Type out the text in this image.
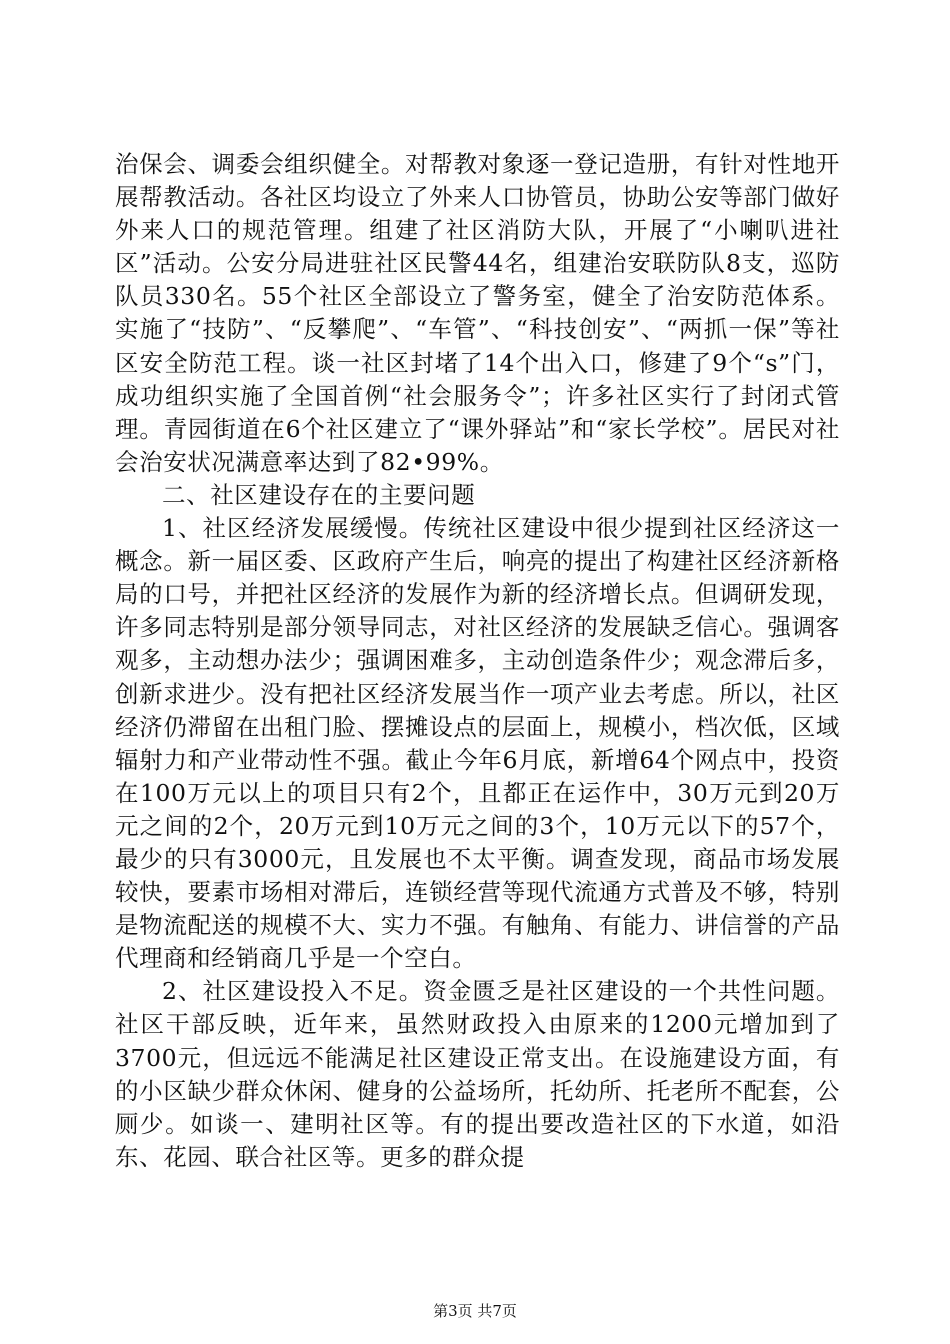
治保会、调委会组织健全。对帮教对象逐一登记造册，有针对性地开展帮教活动。各社区均设立了外来人口协管员，协助公安等部门做好外来人口的规范管理。组建了社区消防大队，开展了“小喇叭进社区”活动。公安分局进驻社区民警44名，组建治安联防队8支，巡防队员330名。55个社区全部设立了警务室，健全了治安防范体系。实施了“技防”、“反攀爬”、“车管”、“科技创安”、“两抓一保”等社区安全防范工程。谈一社区封堵了14个出入口，修建了9个“s”门，成功组织实施了全国首例“社会服务令”；许多社区实行了封闭式管理。青园街道在6个社区建立了“课外驿站”和“家长学校”。居民对社会治安状况满意率达到了82•99%。

二、社区建设存在的主要问题

1、社区经济发展缓慢。传统社区建设中很少提到社区经济这一概念。新一届区委、区政府产生后，响亮的提出了构建社区经济新格局的口号，并把社区经济的发展作为新的经济增长点。但调研发现，许多同志特别是部分领导同志，对社区经济的发展缺乏信心。强调客观多，主动想办法少；强调困难多，主动创造条件少；观念滞后多，创新求进少。没有把社区经济发展当作一项产业去考虑。所以，社区经济仍滞留在出租门脸、摆摊设点的层面上，规模小，档次低，区域辐射力和产业带动性不强。截止今年6月底，新增64个网点中，投资在100万元以上的项目只有2个，且都正在运作中，30万元到20万元之间的2个，20万元到10万元之间的3个，10万元以下的57个，最少的只有3000元，且发展也不太平衡。调查发现，商品市场发展较快，要素市场相对滞后，连锁经营等现代流通方式普及不够，特别是物流配送的规模不大、实力不强。有触角、有能力、讲信誉的产品代理商和经销商几乎是一个空白。

2、社区建设投入不足。资金匮乏是社区建设的一个共性问题。社区干部反映，近年来，虽然财政投入由原来的1200元增加到了3700元，但远远不能满足社区建设正常支出。在设施建设方面，有的小区缺少群众休闲、健身的公益场所，托幼所、托老所不配套，公厕少。如谈一、建明社区等。有的提出要改造社区的下水道，如沿东、花园、联合社区等。更多的群众提

第3页 共7页
